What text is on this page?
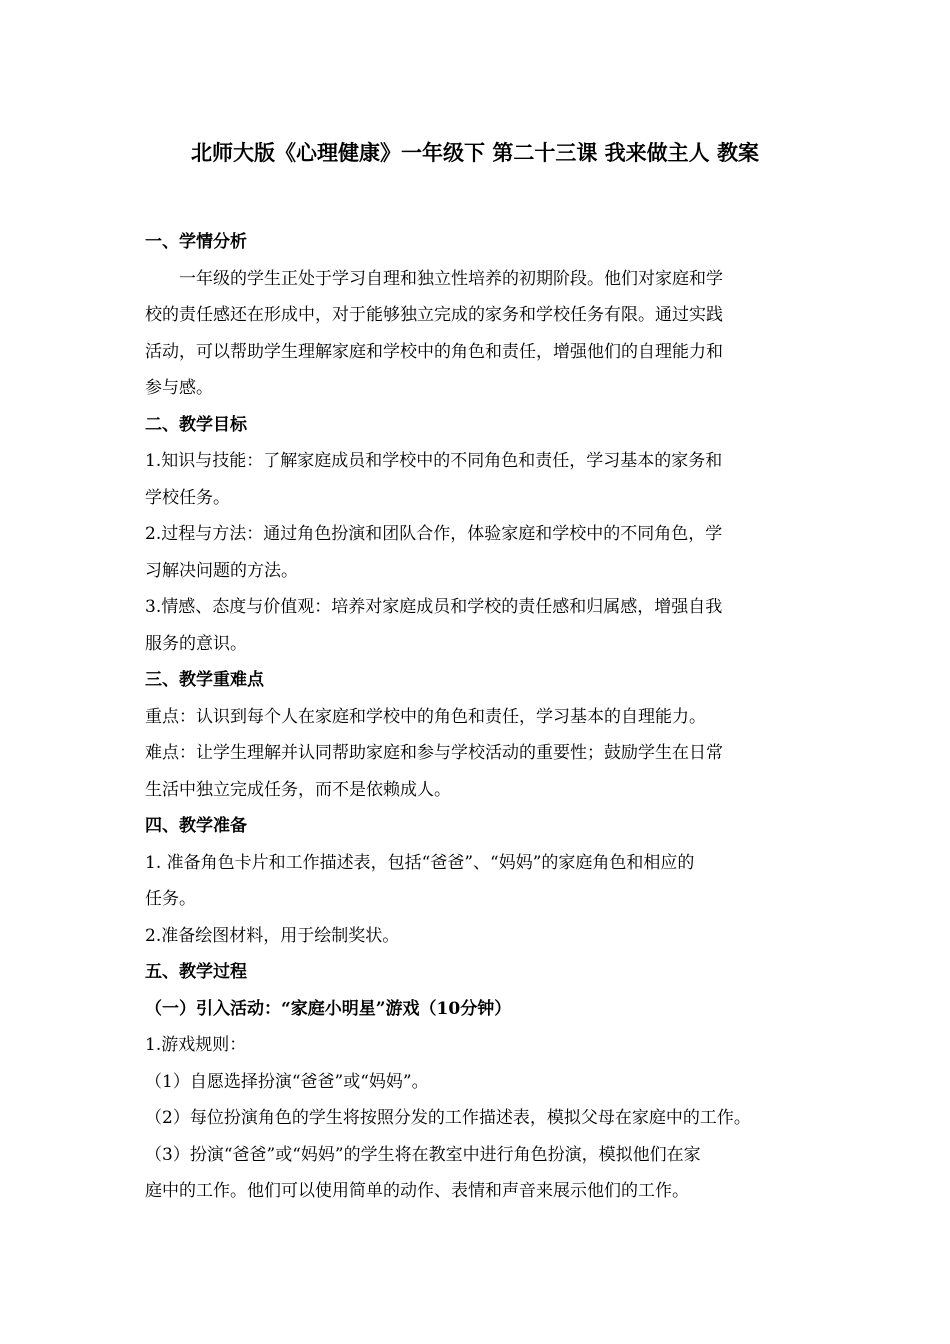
北师大版《心理健康》一年级下 第二十三课 我来做主人 教案

一、学情分析

一年级的学生正处于学习自理和独立性培养的初期阶段。他们对家庭和学

校的责任感还在形成中，对于能够独立完成的家务和学校任务有限。通过实践

活动，可以帮助学生理解家庭和学校中的角色和责任，增强他们的自理能力和

参与感。

二、教学目标

1.知识与技能：了解家庭成员和学校中的不同角色和责任，学习基本的家务和

学校任务。

2.过程与方法：通过角色扮演和团队合作，体验家庭和学校中的不同角色，学

习解决问题的方法。

3.情感、态度与价值观：培养对家庭成员和学校的责任感和归属感，增强自我

服务的意识。

三、教学重难点

重点：认识到每个人在家庭和学校中的角色和责任，学习基本的自理能力。

难点：让学生理解并认同帮助家庭和参与学校活动的重要性；鼓励学生在日常

生活中独立完成任务，而不是依赖成人。

四、教学准备

1. 准备角色卡片和工作描述表，包括“爸爸”、“妈妈”的家庭角色和相应的

任务。

2.准备绘图材料，用于绘制奖状。

五、教学过程

（一）引入活动：“家庭小明星”游戏（10分钟）

1.游戏规则：

（1）自愿选择扮演“爸爸”或“妈妈”。

（2）每位扮演角色的学生将按照分发的工作描述表，模拟父母在家庭中的工作。

（3）扮演“爸爸”或“妈妈”的学生将在教室中进行角色扮演，模拟他们在家

庭中的工作。他们可以使用简单的动作、表情和声音来展示他们的工作。
